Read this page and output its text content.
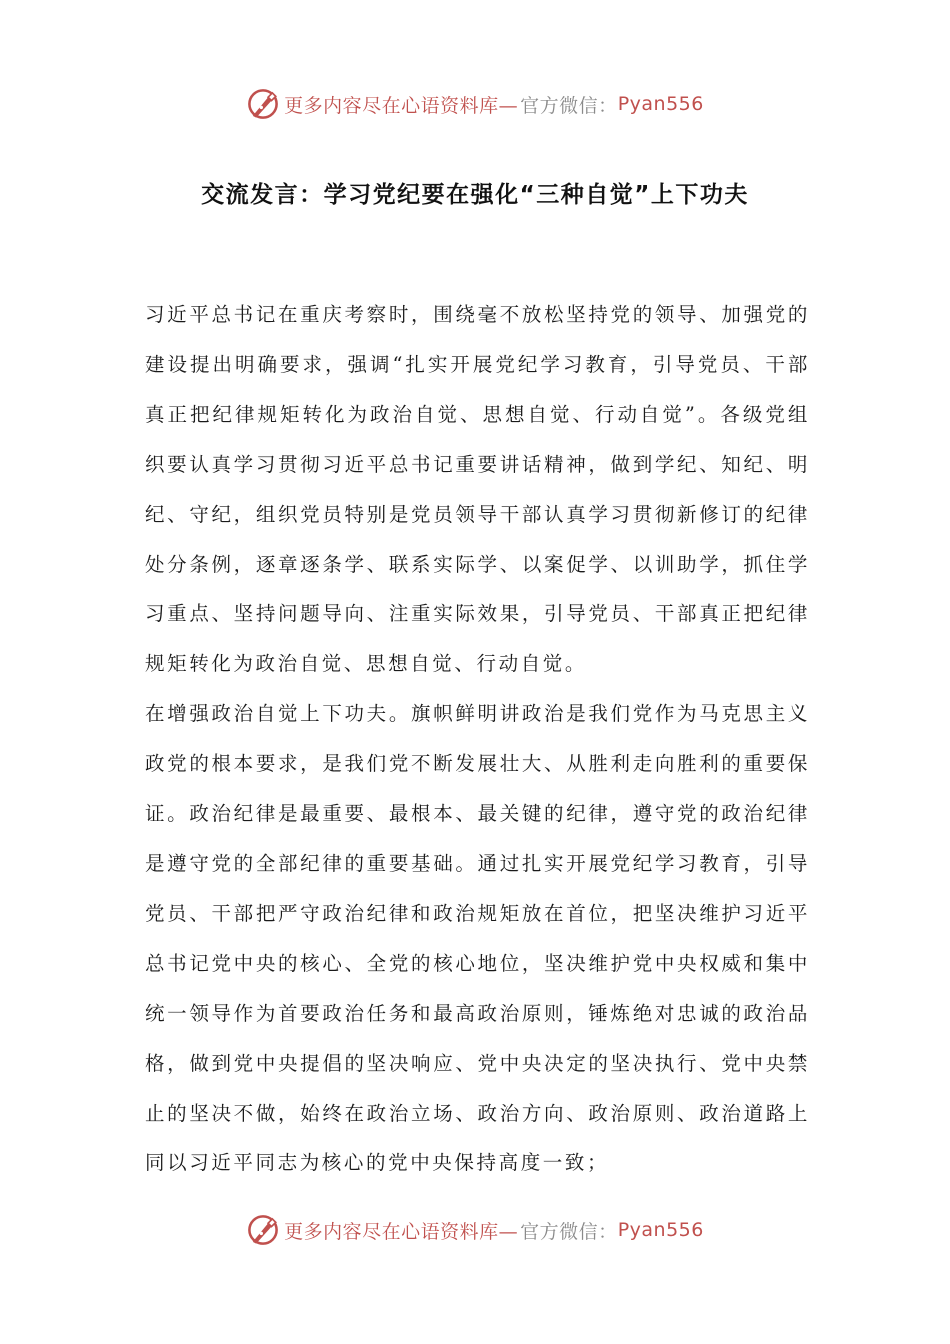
更多内容尽在心语资料库— 官方微信： Pyan556
交流发言：学习党纪要在强化“三种自觉”上下功夫

习近平总书记在重庆考察时，围绕毫不放松坚持党的领导、加强党的建设提出明确要求，强调“扎实开展党纪学习教育，引导党员、干部真正把纪律规矩转化为政治自觉、思想自觉、行动自觉”。各级党组织要认真学习贯彻习近平总书记重要讲话精神，做到学纪、知纪、明纪、守纪，组织党员特别是党员领导干部认真学习贯彻新修订的纪律处分条例，逐章逐条学、联系实际学、以案促学、以训助学，抓住学习重点、坚持问题导向、注重实际效果，引导党员、干部真正把纪律规矩转化为政治自觉、思想自觉、行动自觉。

在增强政治自觉上下功夫。旗帜鲜明讲政治是我们党作为马克思主义政党的根本要求，是我们党不断发展壮大、从胜利走向胜利的重要保证。政治纪律是最重要、最根本、最关键的纪律，遵守党的政治纪律是遵守党的全部纪律的重要基础。通过扎实开展党纪学习教育，引导党员、干部把严守政治纪律和政治规矩放在首位，把坚决维护习近平总书记党中央的核心、全党的核心地位，坚决维护党中央权威和集中统一领导作为首要政治任务和最高政治原则，锤炼绝对忠诚的政治品格，做到党中央提倡的坚决响应、党中央决定的坚决执行、党中央禁止的坚决不做，始终在政治立场、政治方向、政治原则、政治道路上同以习近平同志为核心的党中央保持高度一致；

更多内容尽在心语资料库— 官方微信： Pyan556
